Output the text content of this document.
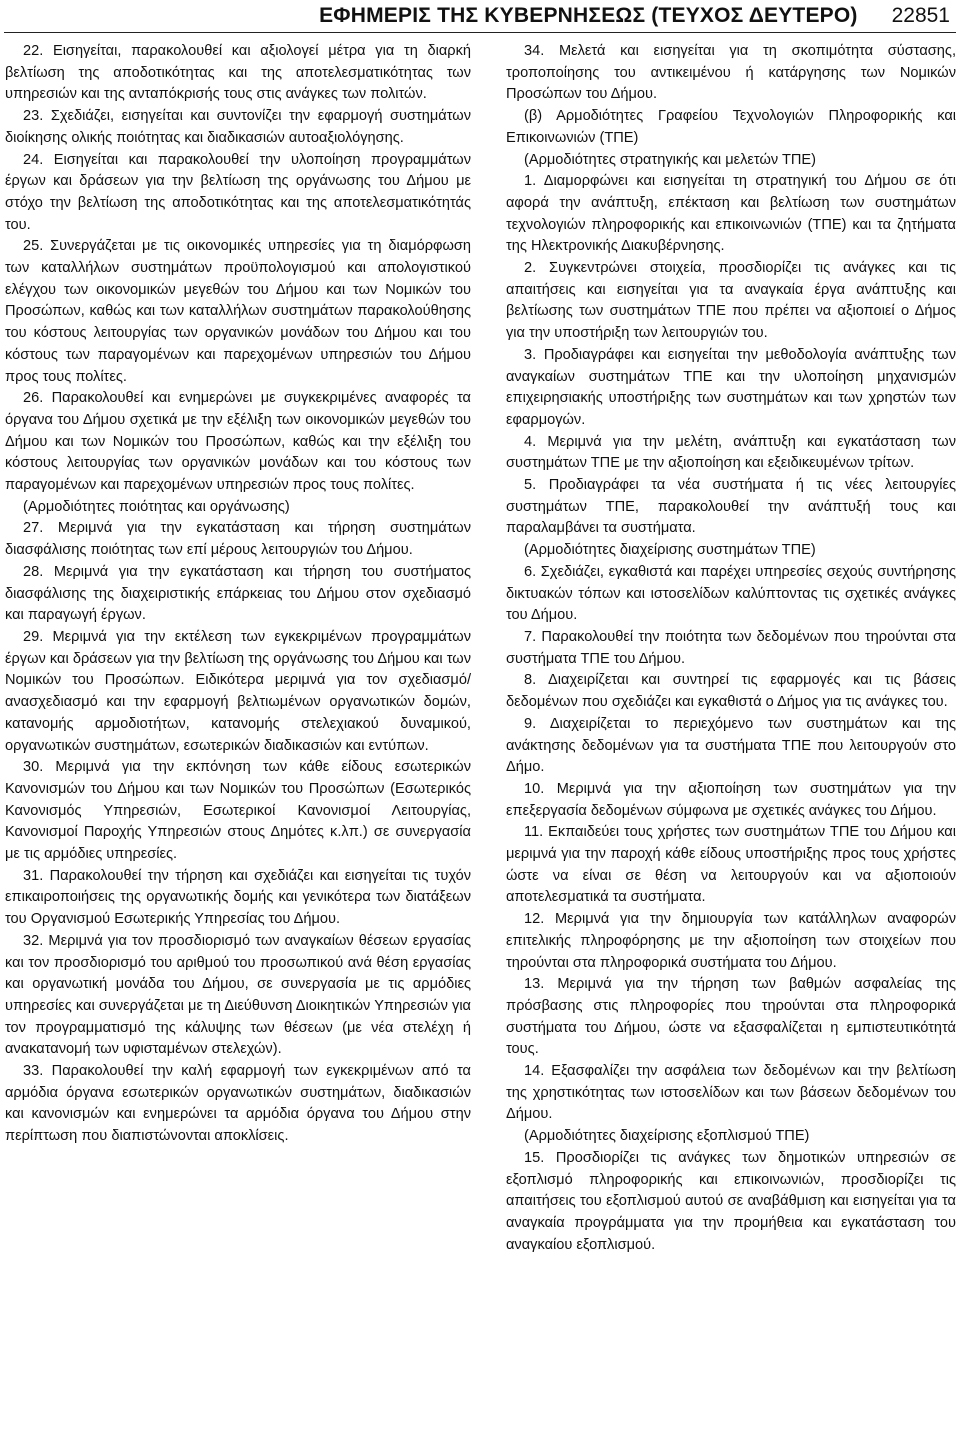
ΕΦΗΜΕΡΙΣ ΤΗΣ ΚΥΒΕΡΝΗΣΕΩΣ (ΤΕΥΧΟΣ ΔΕΥΤΕΡΟ) 22851

22. Εισηγείται, παρακολουθεί και αξιολογεί μέτρα για τη διαρκή βελτίωση της αποδοτικότητας και της αποτελεσματικότητας των υπηρεσιών και της ανταπόκρισής τους στις ανάγκες των πολιτών.

23. Σχεδιάζει, εισηγείται και συντονίζει την εφαρμογή συστημάτων διοίκησης ολικής ποιότητας και διαδικασιών αυτοαξιολόγησης.

24. Εισηγείται και παρακολουθεί την υλοποίηση προγραμμάτων έργων και δράσεων για την βελτίωση της οργάνωσης του Δήμου με στόχο την βελτίωση της αποδοτικότητας και της αποτελεσματικότητάς του.

25. Συνεργάζεται με τις οικονομικές υπηρεσίες για τη διαμόρφωση των καταλλήλων συστημάτων προϋπολογισμού και απολογιστικού ελέγχου των οικονομικών μεγεθών του Δήμου και των Νομικών του Προσώπων, καθώς και των καταλλήλων συστημάτων παρακολούθησης του κόστους λειτουργίας των οργανικών μονάδων του Δήμου και του κόστους των παραγομένων και παρεχομένων υπηρεσιών του Δήμου προς τους πολίτες.

26. Παρακολουθεί και ενημερώνει με συγκεκριμένες αναφορές τα όργανα του Δήμου σχετικά με την εξέλιξη των οικονομικών μεγεθών του Δήμου και των Νομικών του Προσώπων, καθώς και την εξέλιξη του κόστους λειτουργίας των οργανικών μονάδων και του κόστους των παραγομένων και παρεχομένων υπηρεσιών προς τους πολίτες.

(Αρμοδιότητες ποιότητας και οργάνωσης)

27. Μεριμνά για την εγκατάσταση και τήρηση συστημάτων διασφάλισης ποιότητας των επί μέρους λειτουργιών του Δήμου.

28. Μεριμνά για την εγκατάσταση και τήρηση του συστήματος διασφάλισης της διαχειριστικής επάρκειας του Δήμου στον σχεδιασμό και παραγωγή έργων.

29. Μεριμνά για την εκτέλεση των εγκεκριμένων προγραμμάτων έργων και δράσεων για την βελτίωση της οργάνωσης του Δήμου και των Νομικών του Προσώπων. Ειδικότερα μεριμνά για τον σχεδιασμό/ανασχεδιασμό και την εφαρμογή βελτιωμένων οργανωτικών δομών, κατανομής αρμοδιοτήτων, κατανομής στελεχιακού δυναμικού, οργανωτικών συστημάτων, εσωτερικών διαδικασιών και εντύπων.

30. Μεριμνά για την εκπόνηση των κάθε είδους εσωτερικών Κανονισμών του Δήμου και των Νομικών του Προσώπων (Εσωτερικός Κανονισμός Υπηρεσιών, Εσωτερικοί Κανονισμοί Λειτουργίας, Κανονισμοί Παροχής Υπηρεσιών στους Δημότες κ.λπ.) σε συνεργασία με τις αρμόδιες υπηρεσίες.

31. Παρακολουθεί την τήρηση και σχεδιάζει και εισηγείται τις τυχόν επικαιροποιήσεις της οργανωτικής δομής και γενικότερα των διατάξεων του Οργανισμού Εσωτερικής Υπηρεσίας του Δήμου.

32. Μεριμνά για τον προσδιορισμό των αναγκαίων θέσεων εργασίας και τον προσδιορισμό του αριθμού του προσωπικού ανά θέση εργασίας και οργανωτική μονάδα του Δήμου, σε συνεργασία με τις αρμόδιες υπηρεσίες και συνεργάζεται με τη Διεύθυνση Διοικητικών Υπηρεσιών για τον προγραμματισμό της κάλυψης των θέσεων (με νέα στελέχη ή ανακατανομή των υφισταμένων στελεχών).

33. Παρακολουθεί την καλή εφαρμογή των εγκεκριμένων από τα αρμόδια όργανα εσωτερικών οργανωτικών συστημάτων, διαδικασιών και κανονισμών και ενημερώνει τα αρμόδια όργανα του Δήμου στην περίπτωση που διαπιστώνονται αποκλίσεις.

34. Μελετά και εισηγείται για τη σκοπιμότητα σύστασης, τροποποίησης του αντικειμένου ή κατάργησης των Νομικών Προσώπων του Δήμου.

(β) Αρμοδιότητες Γραφείου Τεχνολογιών Πληροφορικής και Επικοινωνιών (ΤΠΕ)

(Αρμοδιότητες στρατηγικής και μελετών ΤΠΕ)

1. Διαμορφώνει και εισηγείται τη στρατηγική του Δήμου σε ότι αφορά την ανάπτυξη, επέκταση και βελτίωση των συστημάτων τεχνολογιών πληροφορικής και επικοινωνιών (ΤΠΕ) και τα ζητήματα της Ηλεκτρονικής Διακυβέρνησης.

2. Συγκεντρώνει στοιχεία, προσδιορίζει τις ανάγκες και τις απαιτήσεις και εισηγείται για τα αναγκαία έργα ανάπτυξης και βελτίωσης των συστημάτων ΤΠΕ που πρέπει να αξιοποιεί ο Δήμος για την υποστήριξη των λειτουργιών του.

3. Προδιαγράφει και εισηγείται την μεθοδολογία ανάπτυξης των αναγκαίων συστημάτων ΤΠΕ και την υλοποίηση μηχανισμών επιχειρησιακής υποστήριξης των συστημάτων και των χρηστών των εφαρμογών.

4. Μεριμνά για την μελέτη, ανάπτυξη και εγκατάσταση των συστημάτων ΤΠΕ με την αξιοποίηση και εξειδικευμένων τρίτων.

5. Προδιαγράφει τα νέα συστήματα ή τις νέες λειτουργίες συστημάτων ΤΠΕ, παρακολουθεί την ανάπτυξή τους και παραλαμβάνει τα συστήματα.

(Αρμοδιότητες διαχείρισης συστημάτων ΤΠΕ)

6. Σχεδιάζει, εγκαθιστά και παρέχει υπηρεσίες σεχούς συντήρησης δικτυακών τόπων και ιστοσελίδων καλύπτοντας τις σχετικές ανάγκες του Δήμου.

7. Παρακολουθεί την ποιότητα των δεδομένων που τηρούνται στα συστήματα ΤΠΕ του Δήμου.

8. Διαχειρίζεται και συντηρεί τις εφαρμογές και τις βάσεις δεδομένων που σχεδιάζει και εγκαθιστά ο Δήμος για τις ανάγκες του.

9. Διαχειρίζεται το περιεχόμενο των συστημάτων και της ανάκτησης δεδομένων για τα συστήματα ΤΠΕ που λειτουργούν στο Δήμο.

10. Μεριμνά για την αξιοποίηση των συστημάτων για την επεξεργασία δεδομένων σύμφωνα με σχετικές ανάγκες του Δήμου.

11. Εκπαιδεύει τους χρήστες των συστημάτων ΤΠΕ του Δήμου και μεριμνά για την παροχή κάθε είδους υποστήριξης προς τους χρήστες ώστε να είναι σε θέση να λειτουργούν και να αξιοποιούν αποτελεσματικά τα συστήματα.

12. Μεριμνά για την δημιουργία των κατάλληλων αναφορών επιτελικής πληροφόρησης με την αξιοποίηση των στοιχείων που τηρούνται στα πληροφορικά συστήματα του Δήμου.

13. Μεριμνά για την τήρηση των βαθμών ασφαλείας της πρόσβασης στις πληροφορίες που τηρούνται στα πληροφορικά συστήματα του Δήμου, ώστε να εξασφαλίζεται η εμπιστευτικότητά τους.

14. Εξασφαλίζει την ασφάλεια των δεδομένων και την βελτίωση της χρηστικότητας των ιστοσελίδων και των βάσεων δεδομένων του Δήμου.

(Αρμοδιότητες διαχείρισης εξοπλισμού ΤΠΕ)

15. Προσδιορίζει τις ανάγκες των δημοτικών υπηρεσιών σε εξοπλισμό πληροφορικής και επικοινωνιών, προσδιορίζει τις απαιτήσεις του εξοπλισμού αυτού σε αναβάθμιση και εισηγείται για τα αναγκαία προγράμματα για την προμήθεια και εγκατάσταση του αναγκαίου εξοπλισμού.
